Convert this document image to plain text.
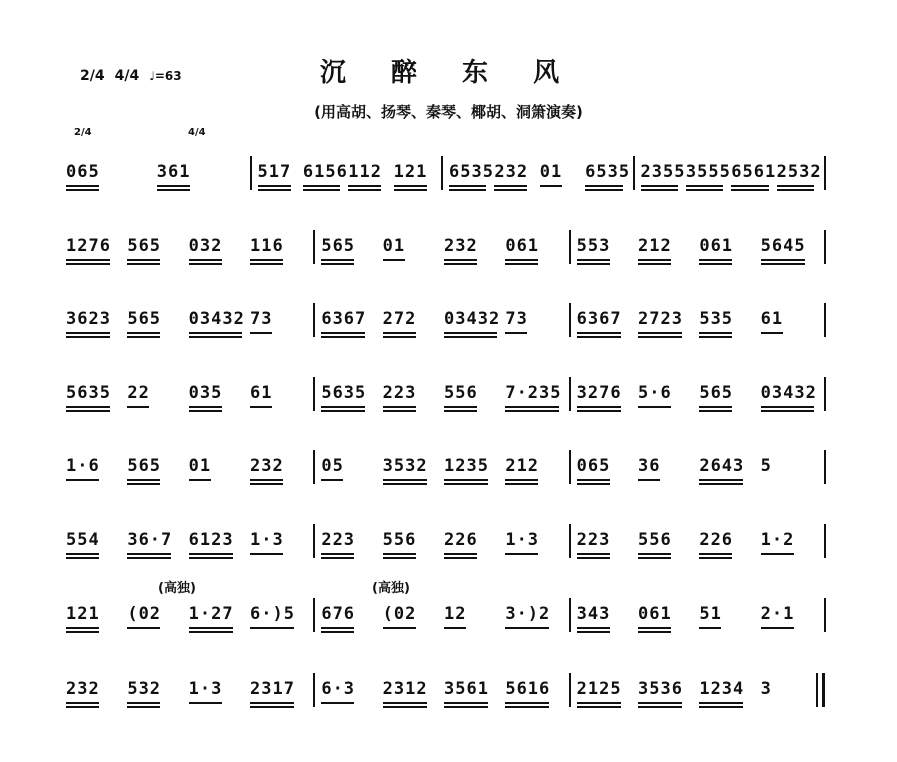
沉 醉 东 风
(用高胡、扬琴、秦琴、椰胡、洞箫演奏)
2/4 4/4 ♩=63
2/4	4/4
065	361	517 6156 112 121 6535 232 01 6535 2355 3555 6561 2532
1276 565 032 116 565 01 232 061 553 212 061 5645
3623 565 03432 73	6367 272 03432 73	6367 2723 535 61
5635 22 035 61	5635 223 556 7·235 3276 5·6 565 03432
1·6 565 01 232 05 3532 1235 212 065 36 2643 5
554 36·7 6123 1·3 223 556 226 1·3 223 556 226 1·2
121 (02 1·27 6·)5 676 (02 12 3·)2 343 061 51 2·1
232 532 1·3 2317 6·3 2312 3561 5616 2125 3536 1234 3
(高独)	(高独)
